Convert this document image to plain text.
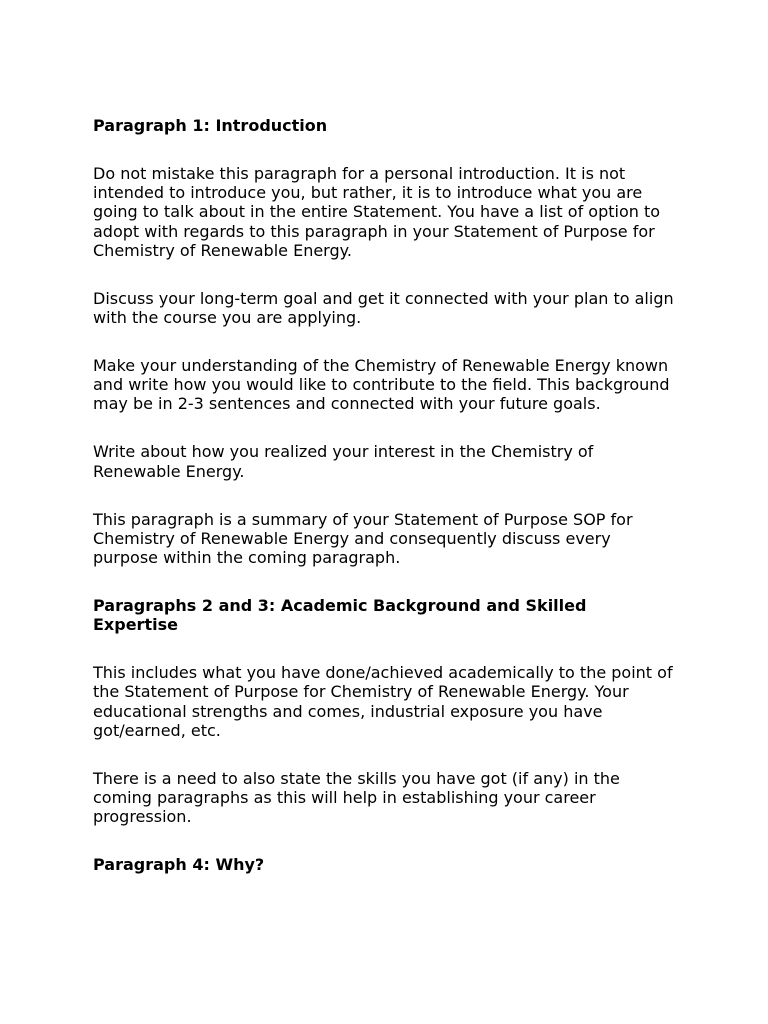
Paragraph 1: Introduction
Do not mistake this paragraph for a personal introduction. It is not intended to introduce you, but rather, it is to introduce what you are going to talk about in the entire Statement. You have a list of option to adopt with regards to this paragraph in your Statement of Purpose for Chemistry of Renewable Energy.
Discuss your long-term goal and get it connected with your plan to align with the course you are applying.
Make your understanding of the Chemistry of Renewable Energy known and write how you would like to contribute to the field. This background may be in 2-3 sentences and connected with your future goals.
Write about how you realized your interest in the Chemistry of Renewable Energy.
This paragraph is a summary of your Statement of Purpose SOP for Chemistry of Renewable Energy and consequently discuss every purpose within the coming paragraph.
Paragraphs 2 and 3: Academic Background and Skilled Expertise
This includes what you have done/achieved academically to the point of the Statement of Purpose for Chemistry of Renewable Energy. Your educational strengths and comes, industrial exposure you have got/earned, etc.
There is a need to also state the skills you have got (if any) in the coming paragraphs as this will help in establishing your career progression.
Paragraph 4: Why?
